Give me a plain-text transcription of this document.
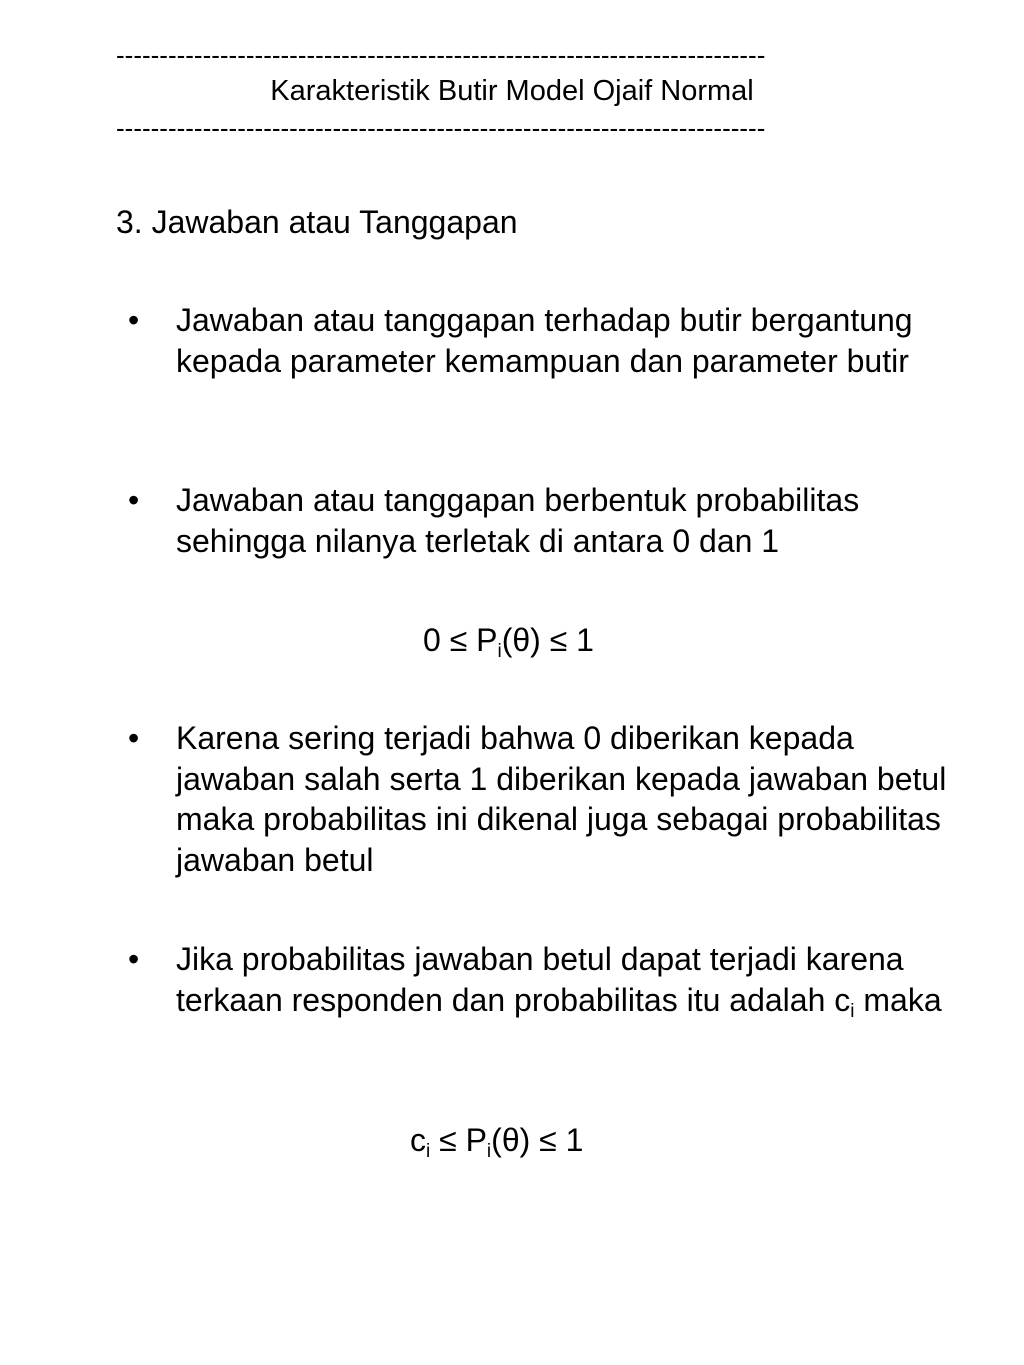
---------------------------------------------------------------------------
Karakteristik Butir Model Ojaif Normal
---------------------------------------------------------------------------
3. Jawaban atau Tanggapan
•	Jawaban atau tanggapan terhadap butir bergantung kepada parameter kemampuan dan parameter butir
•	Jawaban atau tanggapan berbentuk probabilitas sehingga nilanya terletak di antara 0 dan 1
$0 \le P_i(\theta) \le 1$
•	Karena sering terjadi bahwa 0 diberikan kepada jawaban salah serta 1 diberikan kepada jawaban betul maka probabilitas ini dikenal juga sebagai probabilitas jawaban betul
•	Jika probabilitas jawaban betul dapat terjadi karena terkaan responden dan probabilitas itu adalah $c_i$ maka
$c_i \le P_i(\theta) \le 1$
